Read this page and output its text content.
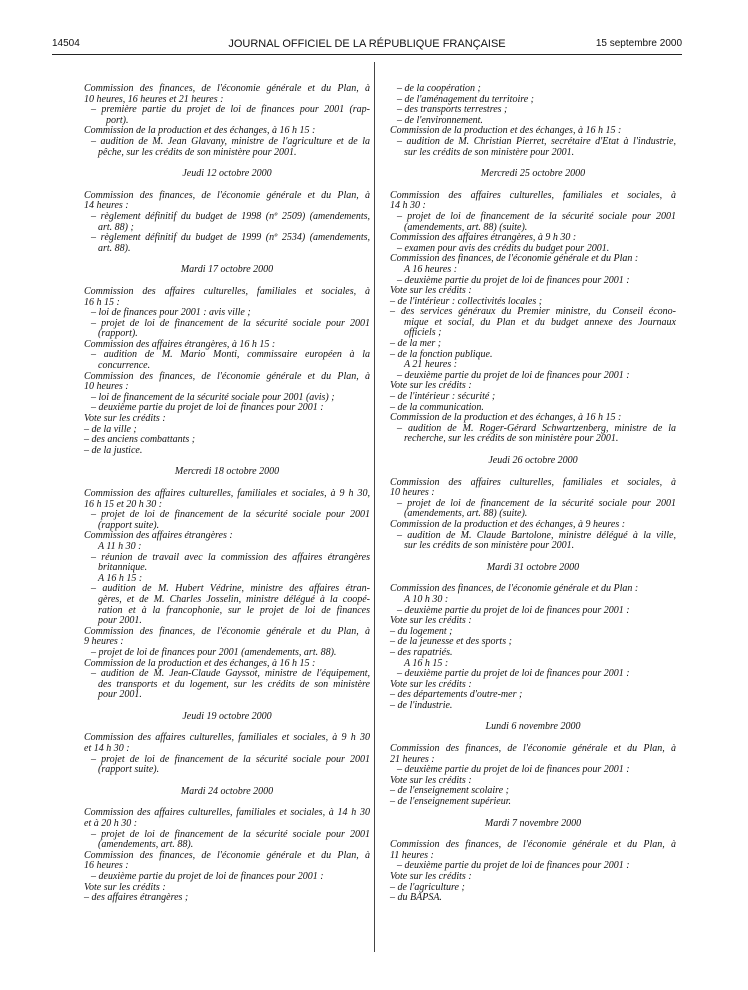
14504	JOURNAL OFFICIEL DE LA RÉPUBLIQUE FRANÇAISE	15 septembre 2000
Commission des finances, de l'économie générale et du Plan, à
10 heures, 16 heures et 21 heures :
– première partie du projet de loi de finances pour 2001 (rap-
port).
Commission de la production et des échanges, à 16 h 15 :
– audition de M. Jean Glavany, ministre de l'agriculture et de la
pêche, sur les crédits de son ministère pour 2001.
Jeudi 12 octobre 2000
Commission des finances, de l'économie générale et du Plan, à
14 heures :
– règlement définitif du budget de 1998 (nº 2509) (amendements,
art. 88) ;
– règlement définitif du budget de 1999 (nº 2534) (amendements,
art. 88).
Mardi 17 octobre 2000
Commission des affaires culturelles, familiales et sociales, à
16 h 15 :
– loi de finances pour 2001 : avis ville ;
– projet de loi de financement de la sécurité sociale pour 2001
(rapport).
Commission des affaires étrangères, à 16 h 15 :
– audition de M. Mario Monti, commissaire européen à la
concurrence.
Commission des finances, de l'économie générale et du Plan, à
10 heures :
– loi de financement de la sécurité sociale pour 2001 (avis) ;
– deuxième partie du projet de loi de finances pour 2001 :
Vote sur les crédits :
– de la ville ;
– des anciens combattants ;
– de la justice.
Mercredi 18 octobre 2000
Commission des affaires culturelles, familiales et sociales, à 9 h 30,
16 h 15 et 20 h 30 :
– projet de loi de financement de la sécurité sociale pour 2001
(rapport suite).
Commission des affaires étrangères :
A 11 h 30 :
– réunion de travail avec la commission des affaires étrangères
britannique.
A 16 h 15 :
– audition de M. Hubert Védrine, ministre des affaires étran-
gères, et de M. Charles Josselin, ministre délégué à la coopé-
ration et à la francophonie, sur le projet de loi de finances
pour 2001.
Commission des finances, de l'économie générale et du Plan, à
9 heures :
– projet de loi de finances pour 2001 (amendements, art. 88).
Commission de la production et des échanges, à 16 h 15 :
– audition de M. Jean-Claude Gayssot, ministre de l'équipement,
des transports et du logement, sur les crédits de son ministère
pour 2001.
Jeudi 19 octobre 2000
Commission des affaires culturelles, familiales et sociales, à 9 h 30
et 14 h 30 :
– projet de loi de financement de la sécurité sociale pour 2001
(rapport suite).
Mardi 24 octobre 2000
Commission des affaires culturelles, familiales et sociales, à 14 h 30
et à 20 h 30 :
– projet de loi de financement de la sécurité sociale pour 2001
(amendements, art. 88).
Commission des finances, de l'économie générale et du Plan, à
16 heures :
– deuxième partie du projet de loi de finances pour 2001 :
Vote sur les crédits :
– des affaires étrangères ;
– de la coopération ;
– de l'aménagement du territoire ;
– des transports terrestres ;
– de l'environnement.
Commission de la production et des échanges, à 16 h 15 :
– audition de M. Christian Pierret, secrétaire d'Etat à l'industrie,
sur les crédits de son ministère pour 2001.
Mercredi 25 octobre 2000
Commission des affaires culturelles, familiales et sociales, à
14 h 30 :
– projet de loi de financement de la sécurité sociale pour 2001
(amendements, art. 88) (suite).
Commission des affaires étrangères, à 9 h 30 :
– examen pour avis des crédits du budget pour 2001.
Commission des finances, de l'économie générale et du Plan :
A 16 heures :
– deuxième partie du projet de loi de finances pour 2001 :
Vote sur les crédits :
– de l'intérieur : collectivités locales ;
– des services généraux du Premier ministre, du Conseil écono-
mique et social, du Plan et du budget annexe des Journaux
officiels ;
– de la mer ;
– de la fonction publique.
A 21 heures :
– deuxième partie du projet de loi de finances pour 2001 :
Vote sur les crédits :
– de l'intérieur : sécurité ;
– de la communication.
Commission de la production et des échanges, à 16 h 15 :
– audition de M. Roger-Gérard Schwartzenberg, ministre de la
recherche, sur les crédits de son ministère pour 2001.
Jeudi 26 octobre 2000
Commission des affaires culturelles, familiales et sociales, à
10 heures :
– projet de loi de financement de la sécurité sociale pour 2001
(amendements, art. 88) (suite).
Commission de la production et des échanges, à 9 heures :
– audition de M. Claude Bartolone, ministre délégué à la ville,
sur les crédits de son ministère pour 2001.
Mardi 31 octobre 2000
Commission des finances, de l'économie générale et du Plan :
A 10 h 30 :
– deuxième partie du projet de loi de finances pour 2001 :
Vote sur les crédits :
– du logement ;
– de la jeunesse et des sports ;
– des rapatriés.
A 16 h 15 :
– deuxième partie du projet de loi de finances pour 2001 :
Vote sur les crédits :
– des départements d'outre-mer ;
– de l'industrie.
Lundi 6 novembre 2000
Commission des finances, de l'économie générale et du Plan, à
21 heures :
– deuxième partie du projet de loi de finances pour 2001 :
Vote sur les crédits :
– de l'enseignement scolaire ;
– de l'enseignement supérieur.
Mardi 7 novembre 2000
Commission des finances, de l'économie générale et du Plan, à
11 heures :
– deuxième partie du projet de loi de finances pour 2001 :
Vote sur les crédits :
– de l'agriculture ;
– du BAPSA.
